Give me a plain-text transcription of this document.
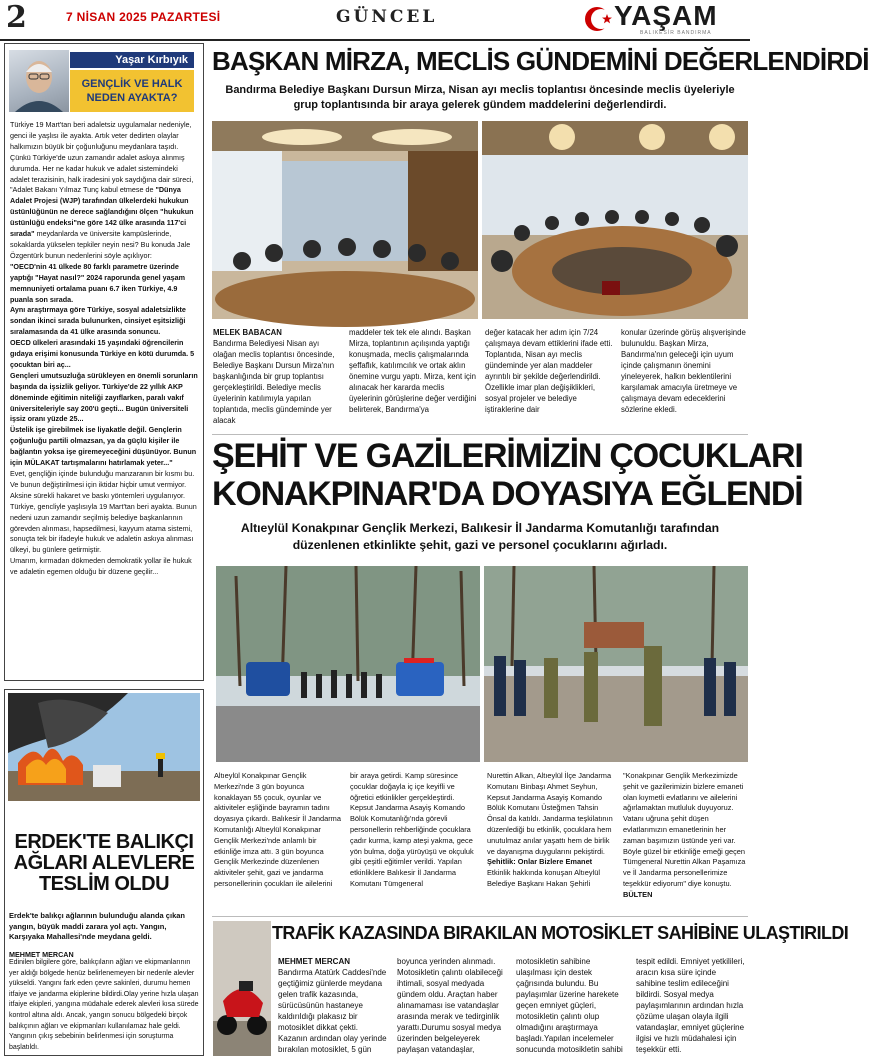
2	7 NİSAN 2025 PAZARTESİ	GÜNCEL	YAŞAM
BALIKESİR BANDIRMA
Yaşar Kırbıyık
GENÇLİK VE HALK NEDEN AYAKTA?

Türkiye 19 Mart'tan beri adaletsiz uygulamalar nedeniyle, genci ile yaşlısı ile ayakta. Artık veter dedirten olaylar halkımızın büyük bir çoğunluğunu meydanlara taşıdı.

Çünkü Türkiye'de uzun zamandır adalet askıya alınmış durumda. Her ne kadar hukuk ve adalet sistemindeki adalet terazisinin, halk iradesini yok saydığına dair süreci, "Adalet Bakanı Yılmaz Tunç kabul etmese de "Dünya Adalet Projesi (WJP) tarafından ülkelerdeki hukukun üstünlüğünün ne derece sağlandığını ölçen "hukukun üstünlüğü endeksi"ne göre 142 ülke arasında 117'ci sırada" meydanlarda ve üniversite kampüslerinde, sokaklarda yükselen tepkiler neyin nesi? Bu konuda Jale Özgentürk bunun nedenlerini söyle açıklıyor:

"OECD'nin 41 ülkede 80 farklı parametre üzerinde yaptığı "Hayat nasıl?" 2024 raporunda genel yaşam memnuniyeti ortalama puanı 6.7 iken Türkiye, 4.9 puanla son sırada.

Aynı araştırmaya göre Türkiye, sosyal adaletsizlikte sondan ikinci sırada bulunurken, cinsiyet eşitsizliği sıralamasında da 41 ülke arasında sonuncu.

OECD ülkeleri arasındaki 15 yaşındaki öğrencilerin gıdaya erişimi konusunda Türkiye en kötü durumda. 5 çocuktan biri aç...

Gençleri umutsuzluğa sürükleyen en önemli sorunların başında da işsizlik geliyor. Türkiye'de 22 yıllık AKP döneminde eğitimin niteliği zayıflarken, paralı vakıf üniversiteleriyle say 200'ü geçti... Bugün üniversiteli işsiz oranı yüzde 25...

Üstelik işe girebilmek ise liyakatle değil. Gençlerin çoğunluğu partili olmazsan, ya da güçlü kişiler ile bağlantın yoksa işe giremeyeceğini düşünüyor. Bunun için MÜLAKAT tartışmalarını hatırlamak yeter..."

Evet, gençliğin içinde bulunduğu manzaranın bir kısmı bu. Ve bunun değiştirilmesi için iktidar hiçbir umut vermiyor. Aksine sürekli hakaret ve baskı yöntemleri uygulanıyor.

Türkiye, gencliyle yaşlısıyla 19 Mart'tan beri ayakta. Bunun nedeni uzun zamandır seçilmiş belediye başkanlarının görevden alınması, hapsedilmesi, kayyum atama sistemi, sonuçta tek bir ifadeyle hukuk ve adaletin askıya alınması ülkeyi, bu günlere getirmiştir.

Umarım, kırmadan dökmeden demokratik yollar ile hukuk ve adaletin egemen olduğu bir düzene geçilir...

ERDEK'TE BALIKÇI AĞLARI ALEVLERE TESLİM OLDU
Erdek'te balıkçı ağlarının bulunduğu alanda çıkan yangın, büyük maddi zarara yol açtı. Yangın, Karşıyaka Mahallesi'nde meydana geldi.
MEHMET MERCAN
Edinilen bilgilere göre, balıkçıların ağları ve ekipmanlarının yer aldığı bölgede henüz belirlenemeyen bir nedenle alevler yükseldi. Yangını fark eden çevre sakinleri, durumu hemen itfaiye ve jandarma ekiplerine bildirdi.Olay yerine hızla ulaşan itfaiye ekipleri, yangına müdahale ederek alevleri kısa sürede kontrol altına aldı. Ancak, yangın sonucu bölgedeki birçok balıkçının ağları ve ekipmanları kullanılamaz hale geldi. Yangının çıkış sebebinin belirlenmesi için soruşturma başlatıldı.
BAŞKAN MİRZA, MECLİS GÜNDEMİNİ DEĞERLENDİRDİ
Bandırma Belediye Başkanı Dursun Mirza, Nisan ayı meclis toplantısı öncesinde meclis üyeleriyle grup toplantısında bir araya gelerek gündem maddelerini değerlendirdi.

MELEK BABACAN

Bandırma Belediyesi Nisan ayı olağan meclis toplantısı öncesinde, Belediye Başkanı Dursun Mirza'nın başkanlığında bir grup toplantısı gerçekleştirildi. Belediye meclis üyelerinin katılımıyla yapılan toplantıda, meclis gündeminde yer alacak

maddeler tek tek ele alındı. Başkan Mirza, toplantının açılışında yaptığı konuşmada, meclis çalışmalarında şeffaflık, katılımcılık ve ortak aklın önemine vurgu yaptı. Mirza, kent için alınacak her kararda meclis üyelerinin görüşlerine değer verdiğini belirterek, Bandırma'ya
değer katacak her adım için 7/24 çalışmaya devam ettiklerini ifade etti. Toplantıda, Nisan ayı meclis gündeminde yer alan maddeler ayrıntılı bir şekilde değerlendirildi. Özellikle imar plan değişiklikleri, sosyal projeler ve belediye iştiraklerine dair
konular üzerinde görüş alışverişinde bulunuldu. Başkan Mirza, Bandırma'nın geleceği için uyum içinde çalışmanın önemini yineleyerek, halkın beklentilerini karşılamak amacıyla üretmeye ve çalışmaya devam edeceklerini sözlerine ekledi.
ŞEHİT VE GAZİLERİMİZİN ÇOCUKLARI
KONAKPINAR'DA DOYASIYA EĞLENDİ
Altıeylül Konakpınar Gençlik Merkezi, Balıkesir İl Jandarma Komutanlığı tarafından düzenlenen etkinlikte şehit, gazi ve personel çocuklarını ağırladı.
Altıeylül Konakpınar Gençlik Merkezi'nde 3 gün boyunca konaklayan 55 çocuk, oyunlar ve aktiviteler eşliğinde bayramın tadını doyasıya çıkardı. Balıkesir İl Jandarma Komutanlığı Altıeylül Konakpınar Gençlik Merkezi'nde anlamlı bir etkinliğe imza attı. 3 gün boyunca Gençlik Merkezinde düzenlenen aktiviteler şehit, gazi ve jandarma personellerinin çocukları ile ailelerini
bir araya getirdi. Kamp süresince çocuklar doğayla iç içe keyifli ve öğretici etkinlikler gerçekleştirdi. Kepsut Jandarma Asayiş Komando Bölük Komutanlığı'nda görevli personellerin rehberliğinde çocuklara çadır kurma, kamp ateşi yakma, gece yön bulma, doğa yürüyüşü ve okçuluk gibi çeşitli eğitimler verildi. Yapılan etkinliklere Balıkesir İl Jandarma Komutanı Tümgeneral

Nurettin Alkan, Altıeylül İlçe Jandarma Komutanı Binbaşı Ahmet Seyhun, Kepsut Jandarma Asayiş Komando Bölük Komutanı Üsteğmen Tahsin Önsal da katıldı. Jandarma teşkilatının düzenlediği bu etkinlik, çocuklara hem unutulmaz anılar yaşattı hem de birlik ve dayanışma duygularını pekiştirdi.

Şehitlik: Onlar Bizlere Emanet

Etkinlik hakkında konuşan Altıeylül Belediye Başkanı Hakan Şehirli

"Konakpınar Gençlik Merkezimizde şehit ve gazilerimizin bizlere emaneti olan kıymetli evlatlarını ve ailelerini ağırlamaktan mutluluk duyuyoruz. Vatanı uğruna şehit düşen evlatlarımızın emanetlerinin her zaman başımızın üstünde yeri var. Böyle güzel bir etkinliğe emeği geçen Tümgeneral Nurettin Alkan Paşamıza ve İl Jandarma personellerimize teşekkür ediyorum" diye konuştu. BÜLTEN

TRAFİK KAZASINDA BIRAKILAN MOTOSİKLET SAHİBİNE ULAŞTIRILDI

MEHMET MERCAN

Bandırma Atatürk Caddesi'nde geçtiğimiz günlerde meydana gelen trafik kazasında, sürücüsünün hastaneye kaldırıldığı plakasız bir motosiklet dikkat çekti. Kazanın ardından olay yerinde bırakılan motosiklet, 5 gün

boyunca yerinden alınmadı. Motosikletin çalıntı olabileceği ihtimali, sosyal medyada gündem oldu. Araçtan haber alınamaması ise vatandaşlar arasında merak ve tedirginlik yarattı.Durumu sosyal medya üzerinden belgeleyerek paylaşan vatandaşlar,
motosikletin sahibine ulaşılması için destek çağrısında bulundu. Bu paylaşımlar üzerine harekete geçen emniyet güçleri, motosikletin çalıntı olup olmadığını araştırmaya başladı.Yapılan incelemeler sonucunda motosikletin sahibi
tespit edildi. Emniyet yetkilileri, aracın kısa süre içinde sahibine teslim edileceğini bildirdi. Sosyal medya paylaşımlarının ardından hızla çözüme ulaşan olayla ilgili vatandaşlar, emniyet güçlerine ilgisi ve hızlı müdahalesi için teşekkür etti.
